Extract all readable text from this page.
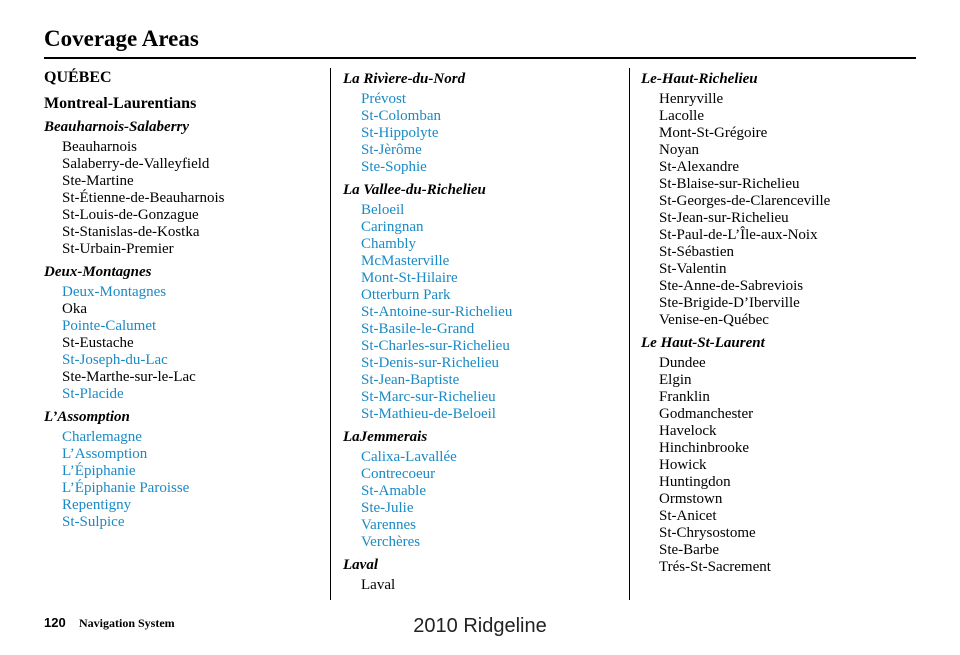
Coverage Areas
QUÉBEC
Montreal-Laurentians
Beauharnois-Salaberry
Beauharnois
Salaberry-de-Valleyfield
Ste-Martine
St-Étienne-de-Beauharnois
St-Louis-de-Gonzague
St-Stanislas-de-Kostka
St-Urbain-Premier
Deux-Montagnes
Deux-Montagnes
Oka
Pointe-Calumet
St-Eustache
St-Joseph-du-Lac
Ste-Marthe-sur-le-Lac
St-Placide
L’Assomption
Charlemagne
L’Assomption
L’Épiphanie
L’Épiphanie Paroisse
Repentigny
St-Sulpice
La Rivìere-du-Nord
Prévost
St-Colomban
St-Hippolyte
St-Jèrôme
Ste-Sophie
La Vallee-du-Richelieu
Beloeil
Caringnan
Chambly
McMasterville
Mont-St-Hilaire
Otterburn Park
St-Antoine-sur-Richelieu
St-Basile-le-Grand
St-Charles-sur-Richelieu
St-Denis-sur-Richelieu
St-Jean-Baptiste
St-Marc-sur-Richelieu
St-Mathieu-de-Beloeil
LaJemmerais
Calixa-Lavallée
Contrecoeur
St-Amable
Ste-Julie
Varennes
Verchères
Laval
Laval
Le-Haut-Richelieu
Henryville
Lacolle
Mont-St-Grégoire
Noyan
St-Alexandre
St-Blaise-sur-Richelieu
St-Georges-de-Clarenceville
St-Jean-sur-Richelieu
St-Paul-de-L’Île-aux-Noix
St-Sébastien
St-Valentin
Ste-Anne-de-Sabreviois
Ste-Brigide-D’Iberville
Venise-en-Québec
Le Haut-St-Laurent
Dundee
Elgin
Franklin
Godmanchester
Havelock
Hinchinbrooke
Howick
Huntingdon
Ormstown
St-Anicet
St-Chrysostome
Ste-Barbe
Trés-St-Sacrement
120 Navigation System	2010 Ridgeline
